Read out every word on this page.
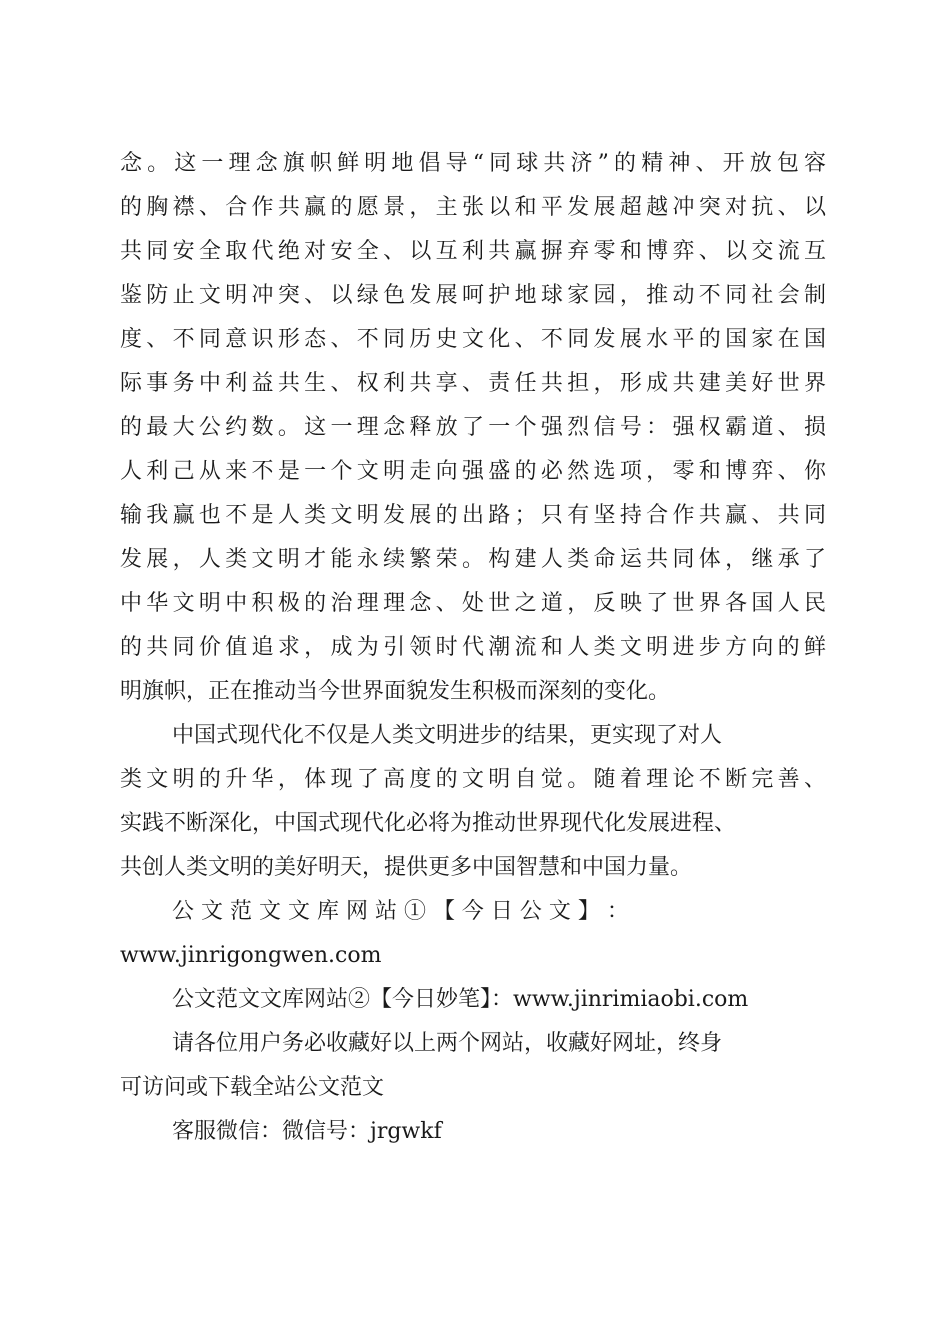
念。这一理念旗帜鲜明地倡导“同球共济”的精神、开放包容
的胸襟、合作共赢的愿景，主张以和平发展超越冲突对抗、以
共同安全取代绝对安全、以互利共赢摒弃零和博弈、以交流互
鉴防止文明冲突、以绿色发展呵护地球家园，推动不同社会制
度、不同意识形态、不同历史文化、不同发展水平的国家在国
际事务中利益共生、权利共享、责任共担，形成共建美好世界
的最大公约数。这一理念释放了一个强烈信号：强权霸道、损
人利己从来不是一个文明走向强盛的必然选项，零和博弈、你
输我赢也不是人类文明发展的出路；只有坚持合作共赢、共同
发展，人类文明才能永续繁荣。构建人类命运共同体，继承了
中华文明中积极的治理理念、处世之道，反映了世界各国人民
的共同价值追求，成为引领时代潮流和人类文明进步方向的鲜
明旗帜，正在推动当今世界面貌发生积极而深刻的变化。
中国式现代化不仅是人类文明进步的结果，更实现了对人
类文明的升华，体现了高度的文明自觉。随着理论不断完善、
实践不断深化，中国式现代化必将为推动世界现代化发展进程、
共创人类文明的美好明天，提供更多中国智慧和中国力量。
公 文 范 文 文 库 网 站 ① 【 今 日 公 文 】 ：
www.jinrigongwen.com
公文范文文库网站②【今日妙笔】：www.jinrimiaobi.com
请各位用户务必收藏好以上两个网站，收藏好网址，终身
可访问或下载全站公文范文
客服微信：微信号：jrgwkf
